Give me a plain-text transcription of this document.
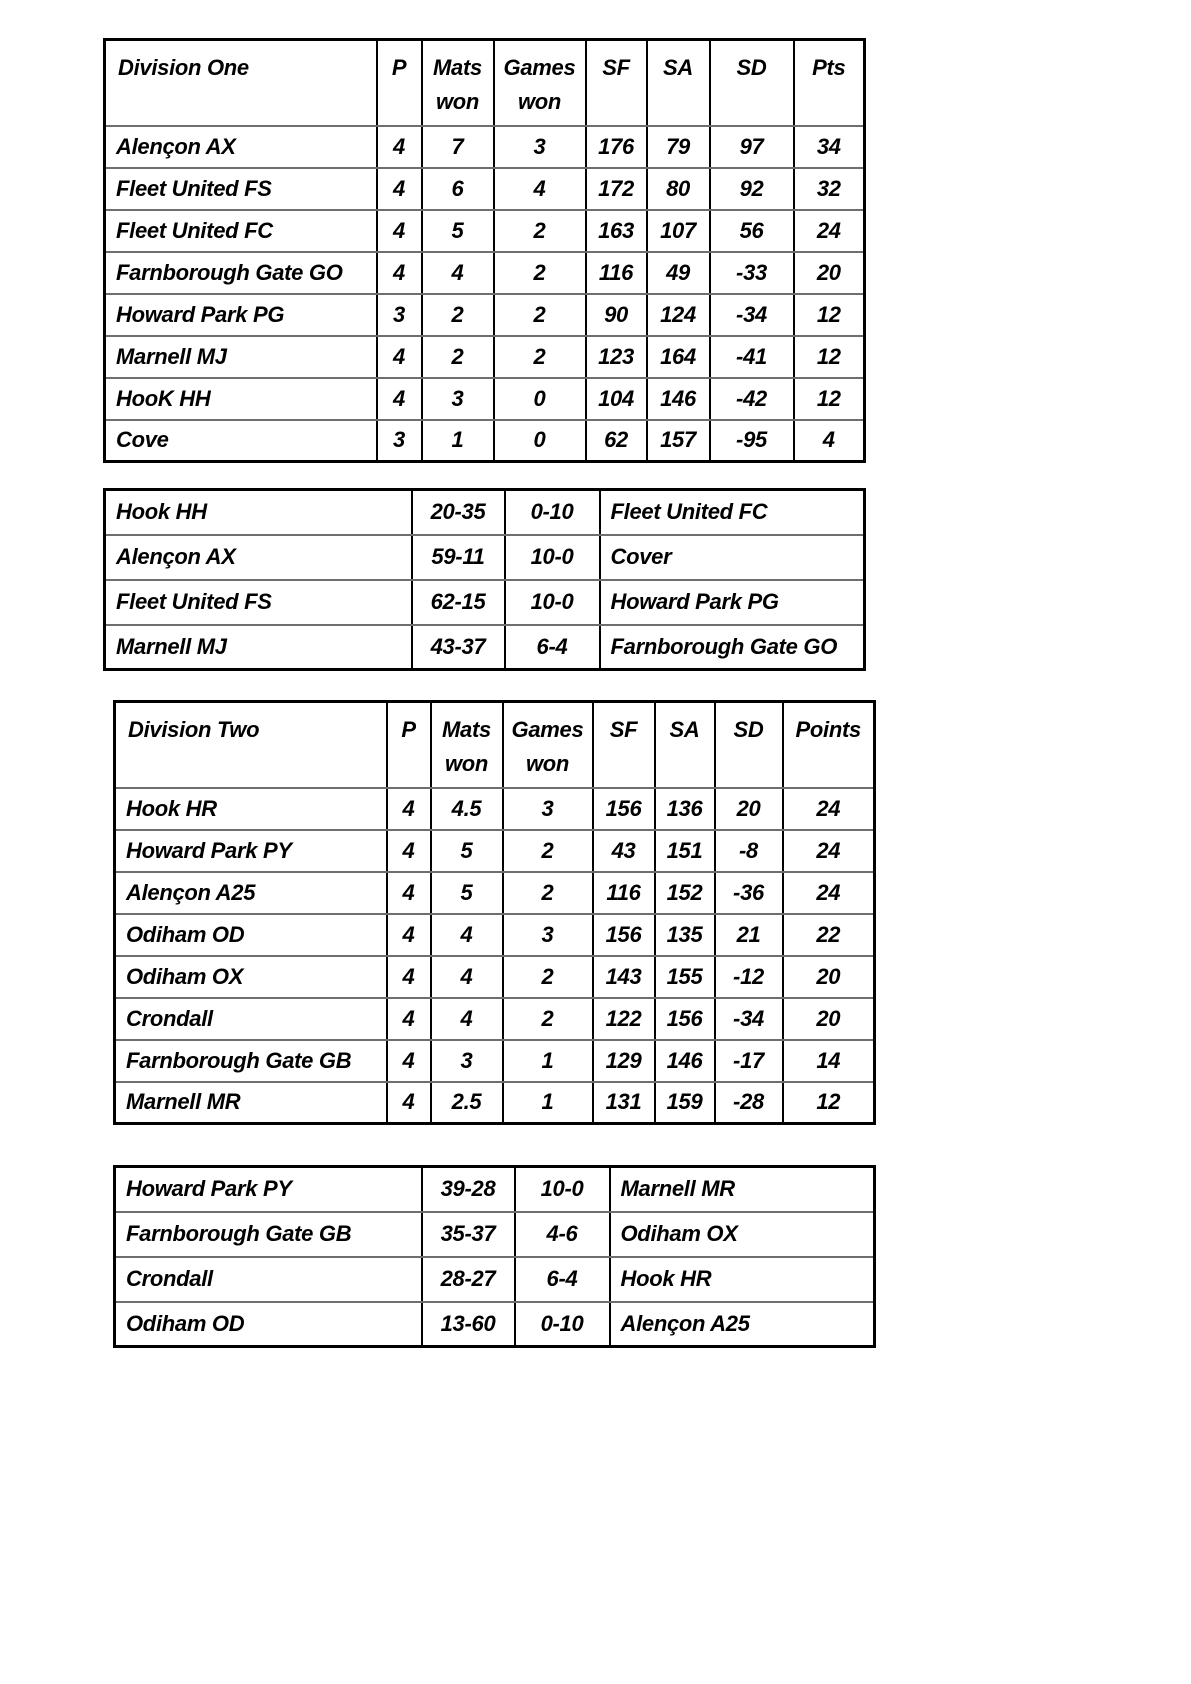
Division One	P	Mats won	Games won	SF	SA	SD	Pts
Alençon AX	4	7	3	176	79	97	34
Fleet United FS	4	6	4	172	80	92	32
Fleet United FC	4	5	2	163	107	56	24
Farnborough Gate GO	4	4	2	116	49	-33	20
Howard Park PG	3	2	2	90	124	-34	12
Marnell MJ	4	2	2	123	164	-41	12
HooK HH	4	3	0	104	146	-42	12
Cove	3	1	0	62	157	-95	4
Hook HH	20-35	0-10	Fleet United FC
Alençon AX	59-11	10-0	Cover
Fleet United FS	62-15	10-0	Howard Park PG
Marnell MJ	43-37	6-4	Farnborough Gate GO
Division Two	P	Mats won	Games won	SF	SA	SD	Points
Hook HR	4	4.5	3	156	136	20	24
Howard Park PY	4	5	2	43	151	-8	24
Alençon A25	4	5	2	116	152	-36	24
Odiham OD	4	4	3	156	135	21	22
Odiham OX	4	4	2	143	155	-12	20
Crondall	4	4	2	122	156	-34	20
Farnborough Gate GB	4	3	1	129	146	-17	14
Marnell MR	4	2.5	1	131	159	-28	12
Howard Park PY	39-28	10-0	Marnell MR
Farnborough Gate GB	35-37	4-6	Odiham OX
Crondall	28-27	6-4	Hook HR
Odiham OD	13-60	0-10	Alençon A25
